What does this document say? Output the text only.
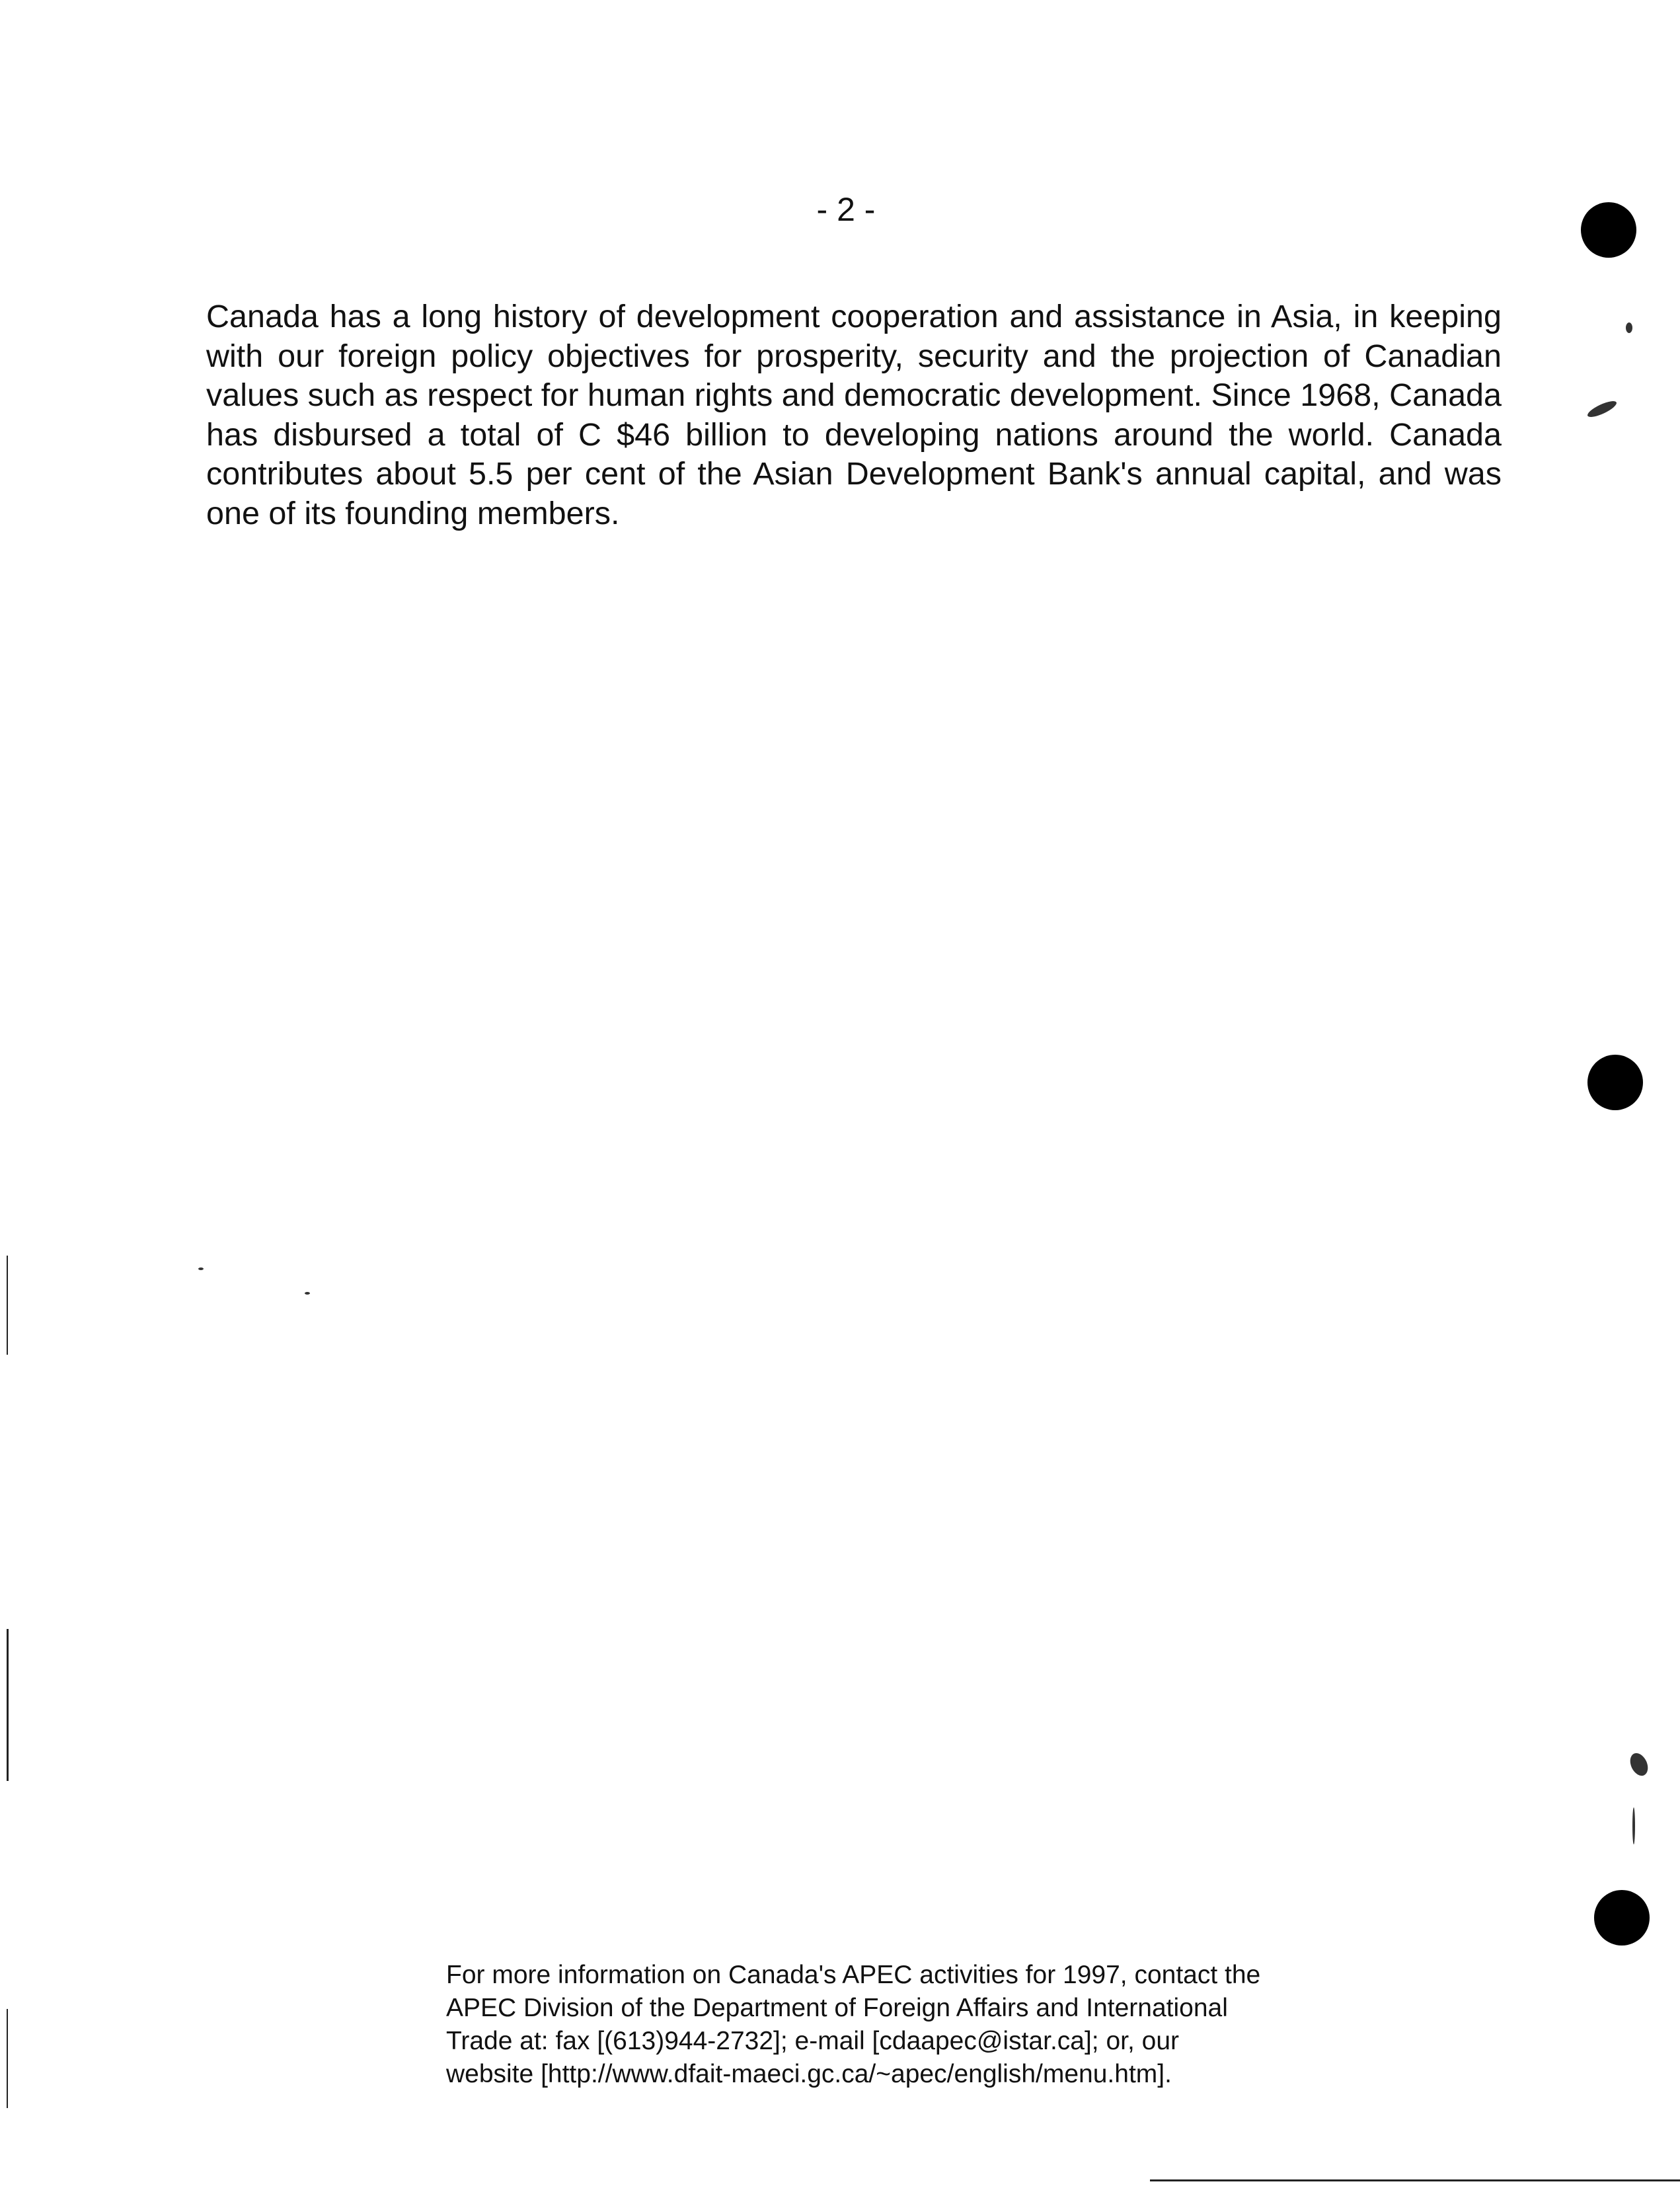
- 2 -

Canada has a long history of development cooperation and assistance in Asia, in keeping with our foreign policy objectives for prosperity, security and the projection of Canadian values such as respect for human rights and democratic development. Since 1968, Canada has disbursed a total of C $46 billion to developing nations around the world. Canada contributes about 5.5 per cent of the Asian Development Bank's annual capital, and was one of its founding members.

For more information on Canada's APEC activities for 1997, contact the
APEC Division of the Department of Foreign Affairs and International
Trade at: fax [(613)944-2732]; e-mail [cdaapec@istar.ca]; or, our
website [http://www.dfait-maeci.gc.ca/~apec/english/menu.htm].
